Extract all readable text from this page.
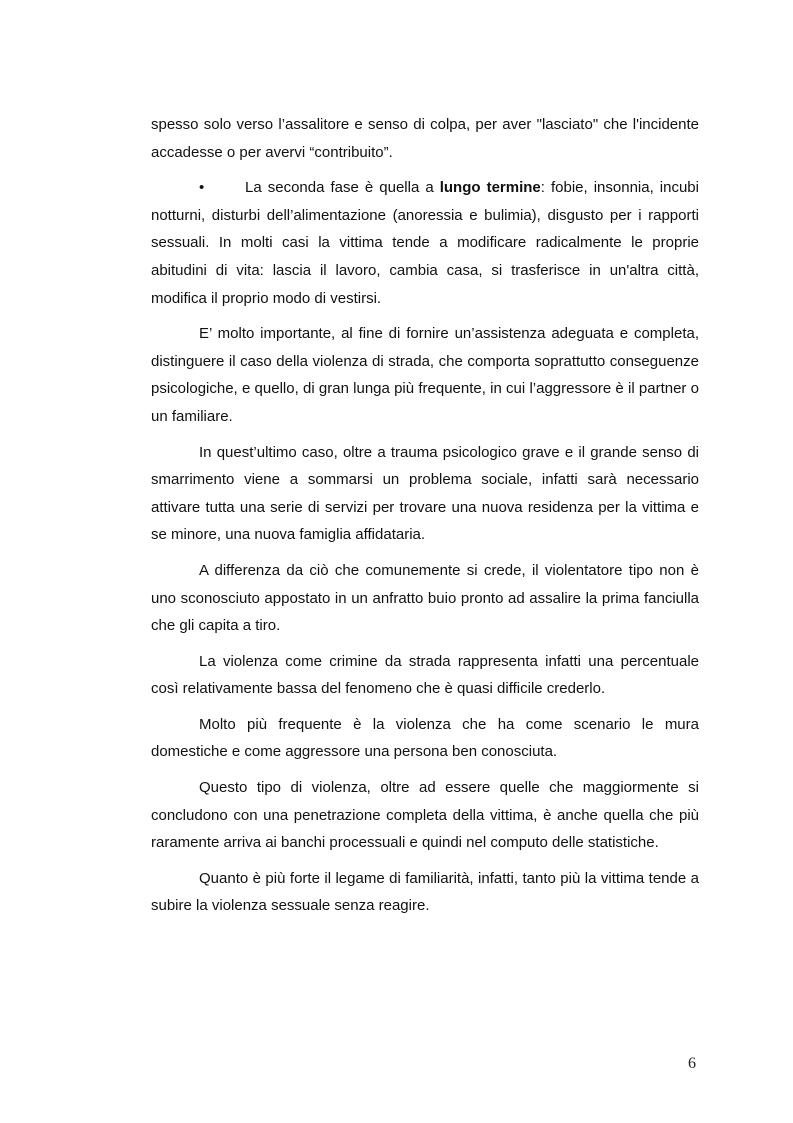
spesso solo verso l’assalitore e senso di colpa, per aver "lasciato" che l'incidente accadesse o per avervi “contribuito”.

•	La seconda fase è quella a lungo termine: fobie, insonnia, incubi notturni, disturbi dell’alimentazione (anoressia e bulimia), disgusto per i rapporti sessuali. In molti casi la vittima tende a modificare radicalmente le proprie abitudini di vita: lascia il lavoro, cambia casa, si trasferisce in un'altra città, modifica il proprio modo di vestirsi.

E’ molto importante, al fine di fornire un’assistenza adeguata e completa, distinguere il caso della violenza di strada, che comporta soprattutto conseguenze psicologiche, e quello, di gran lunga più frequente, in cui l’aggressore è il partner o un familiare.

In quest’ultimo caso, oltre a trauma psicologico grave e il grande senso di smarrimento viene a sommarsi un problema sociale, infatti sarà necessario attivare tutta una serie di servizi per trovare una nuova residenza per la vittima e se minore, una nuova famiglia affidataria.

A differenza da ciò che comunemente si crede, il violentatore tipo non è uno sconosciuto appostato in un anfratto buio pronto ad assalire la prima fanciulla che gli capita a tiro.

La violenza come crimine da strada rappresenta infatti una percentuale così relativamente bassa del fenomeno che è quasi difficile crederlo.

Molto più frequente è la violenza che ha come scenario le mura domestiche e come aggressore una persona ben conosciuta.

Questo tipo di violenza, oltre ad essere quelle che maggiormente si concludono con una penetrazione completa della vittima, è anche quella che più raramente arriva ai banchi processuali e quindi nel computo delle statistiche.

Quanto è più forte il legame di familiarità, infatti, tanto più la vittima tende a subire la violenza sessuale senza reagire.

6
